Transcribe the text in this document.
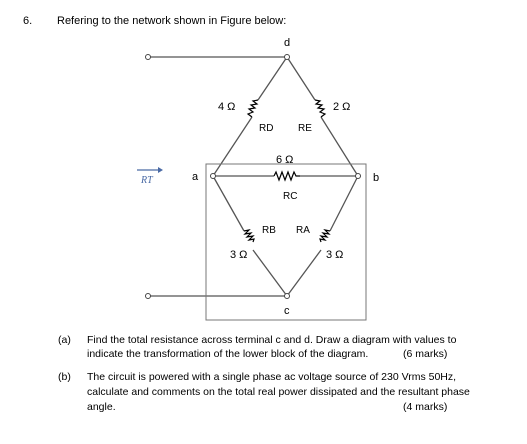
6. Refering to the network shown in Figure below:
RT
d
a	b
c
4 Ω
RD
2 Ω
RE
6 Ω
RC
RB
3 Ω
RA
3 Ω
(a) Find the total resistance across terminal c and d. Draw a diagram with values to
indicate the transformation of the lower block of the diagram.	(6 marks)
(b) The circuit is powered with a single phase ac voltage source of 230 Vrms 50Hz,
calculate and comments on the total real power dissipated and the resultant phase
angle.	(4 marks)
